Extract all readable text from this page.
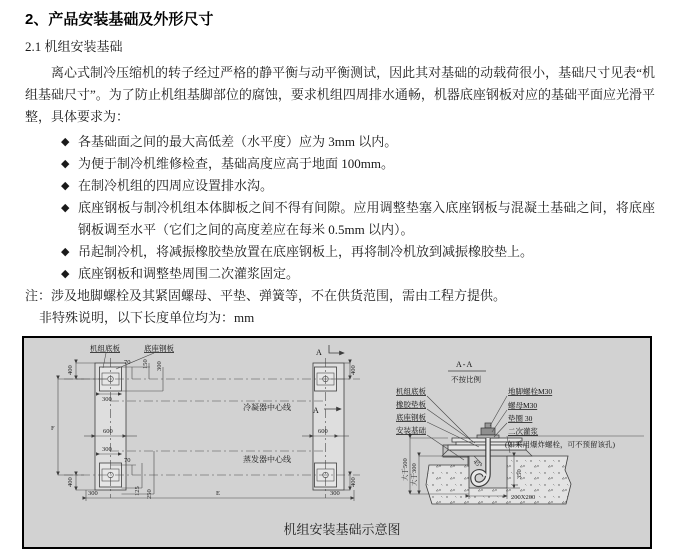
2、产品安装基础及外形尺寸
2.1 机组安装基础

离心式制冷压缩机的转子经过严格的静平衡与动平衡测试，因此其对基础的动载荷很小，基础尺寸见表“机组基础尺寸”。为了防止机组基脚部位的腐蚀，要求机组四周排水通畅，机器底座钢板对应的基础平面应光滑平整，具体要求为：

◆ 各基础面之间的最大高低差（水平度）应为 3mm 以内。
◆ 为便于制冷机维修检查，基础高度应高于地面 100mm。
◆ 在制冷机组的四周应设置排水沟。
◆ 底座钢板与制冷机组本体脚板之间不得有间隙。应用调整垫塞入底座钢板与混凝土基础之间，将底座钢板调至水平（它们之间的高度差应在每米 0.5mm 以内）。
◆ 吊起制冷机，将减振橡胶垫放置在底座钢板上，再将制冷机放到减振橡胶垫上。
◆ 底座钢板和调整垫周围二次灌浆固定。

注：涉及地脚螺栓及其紧固螺母、平垫、弹簧等，不在供货范围，需由工程方提供。

非特殊说明，以下长度单位均为：mm

机组底板	底座钢板
冷凝器中心线
蒸发器中心线
A
A
400
70 150 300
300
600	600
F
300
70
125 250
400
400
400
300	E	300
A-A
不按比例
45°
机组底板
橡胶垫板
底座钢板
安装基础
地脚螺栓M30
螺母M30
垫圈 30
二次灌浆
(如采用爆炸螺栓，可不预留该孔)
大于500 大于300	350
200X200
机组安装基础示意图
